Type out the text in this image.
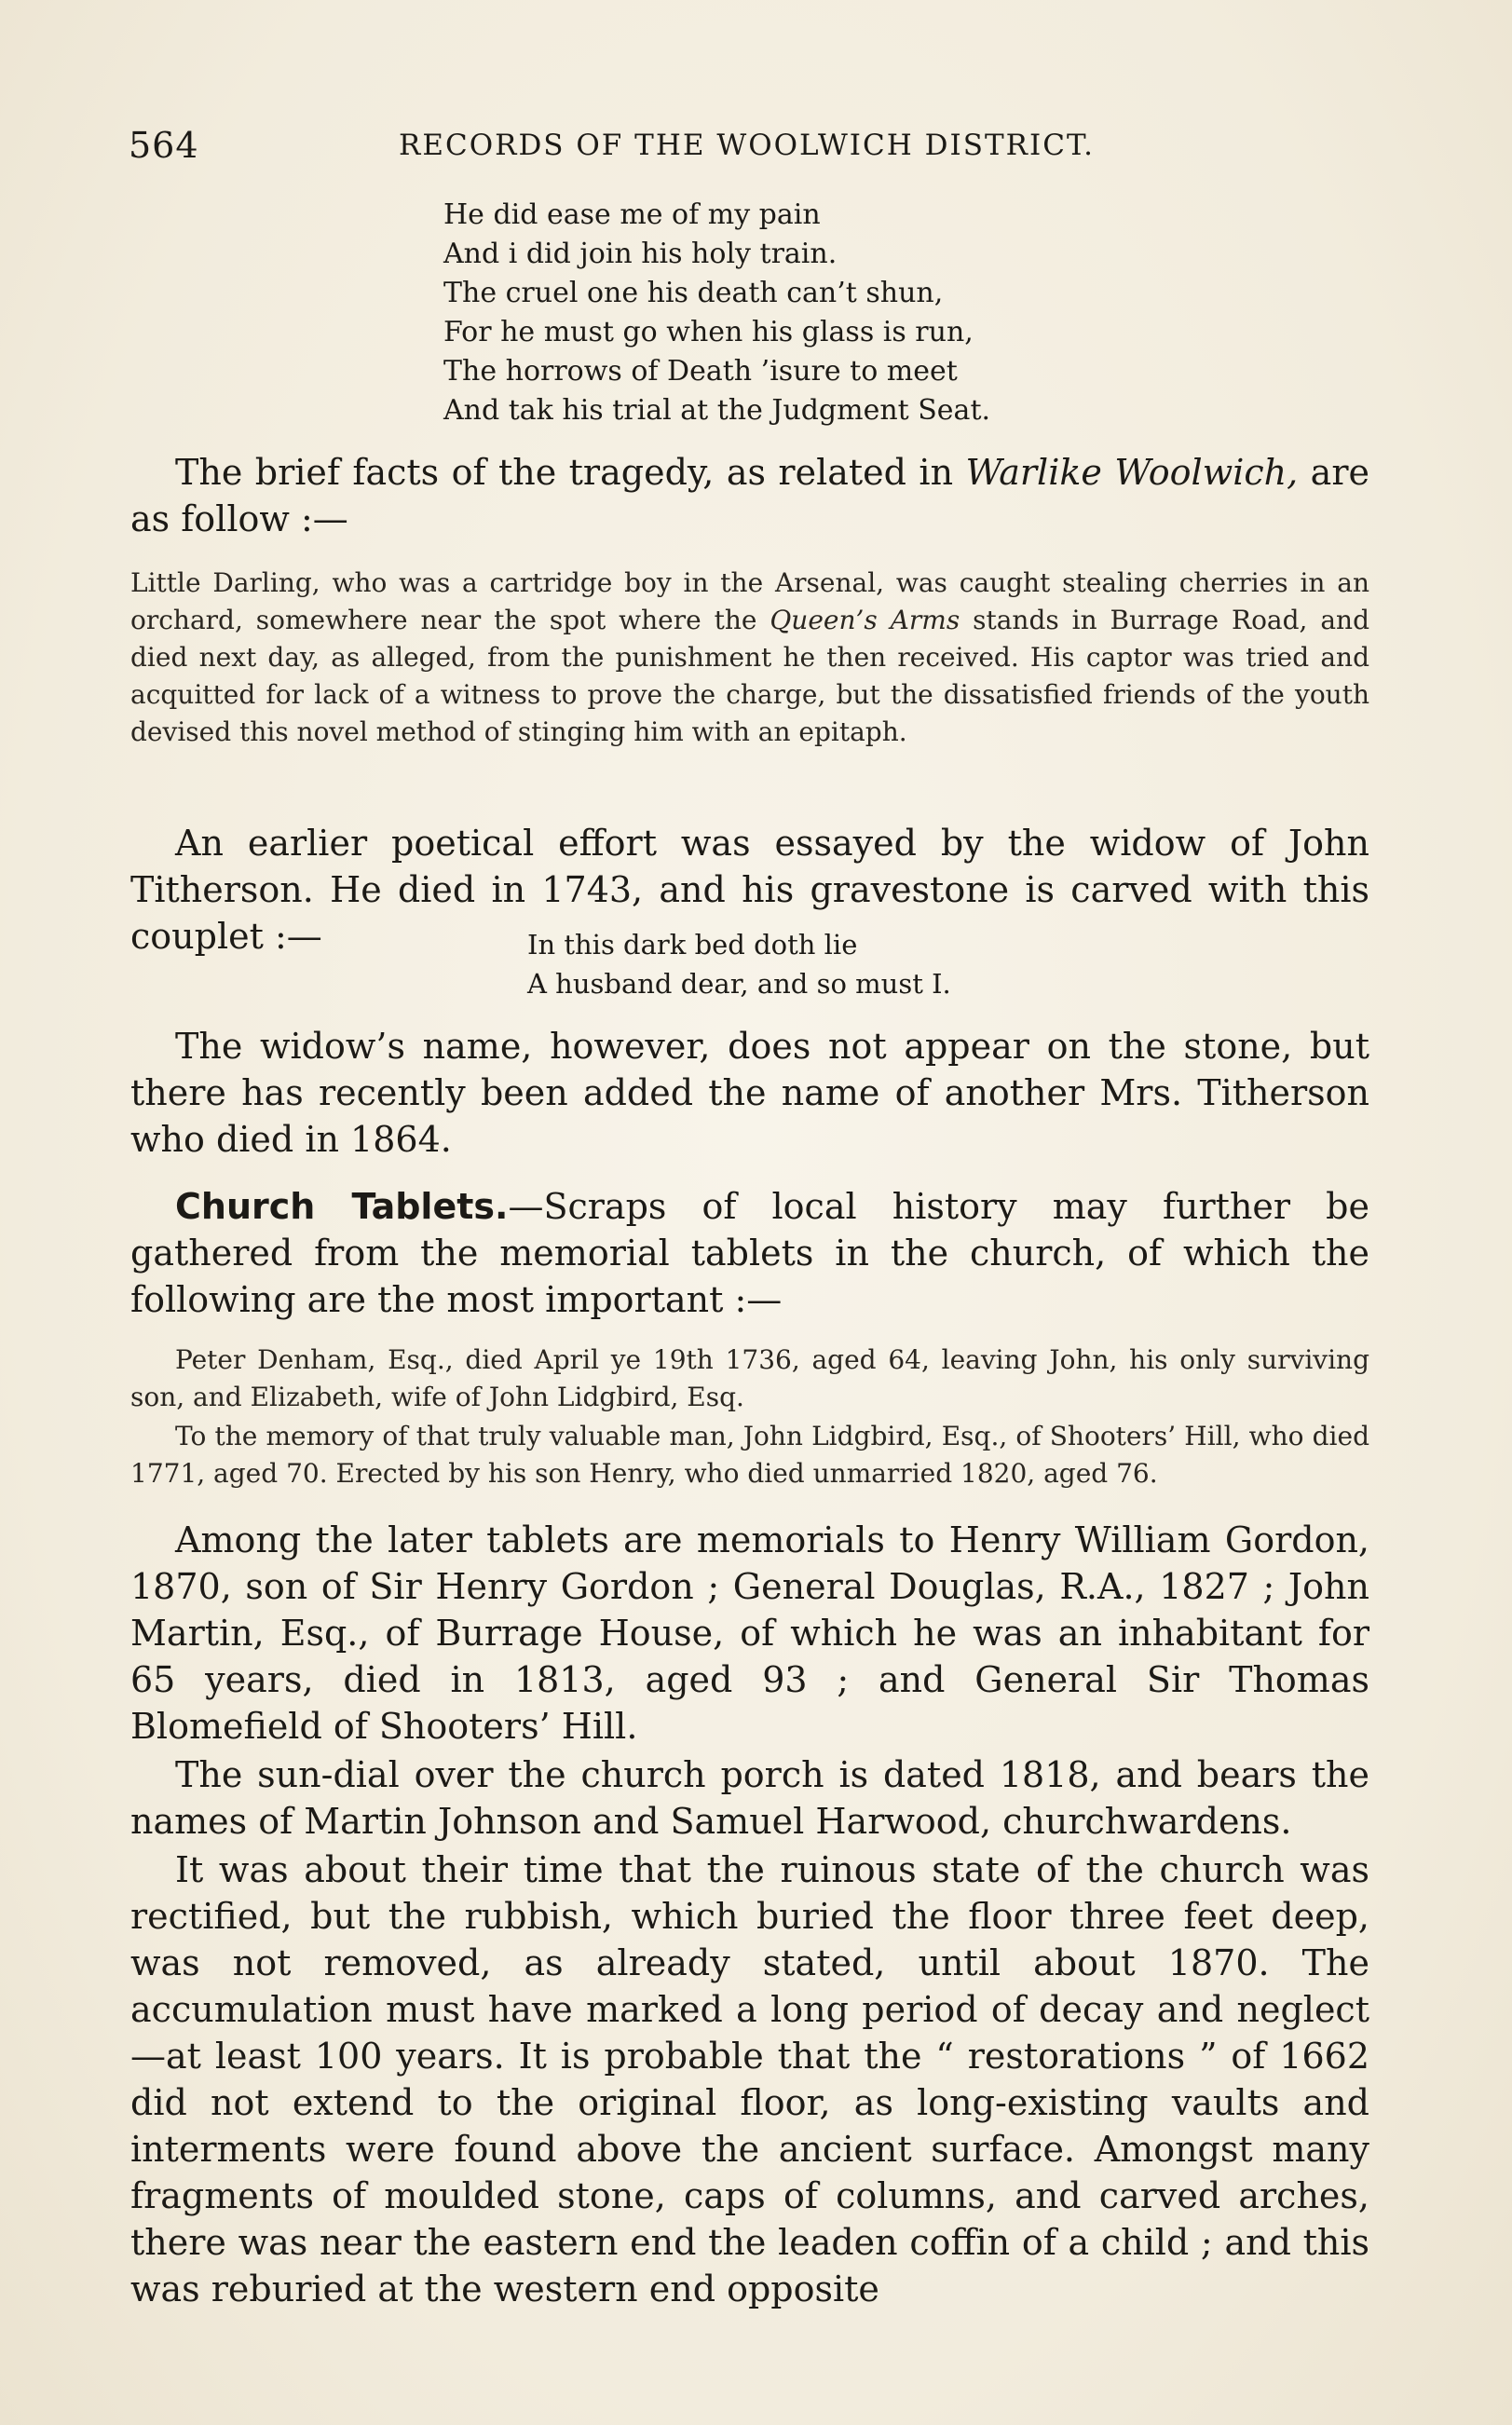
564	RECORDS OF THE WOOLWICH DISTRICT.
He did ease me of my pain
And i did join his holy train.
The cruel one his death can’t shun,
For he must go when his glass is run,
The horrows of Death ’isure to meet
And tak his trial at the Judgment Seat.

The brief facts of the tragedy, as related in Warlike Woolwich, are as follow :—

Little Darling, who was a cartridge boy in the Arsenal, was caught stealing cherries in an orchard, somewhere near the spot where the Queen’s Arms stands in Burrage Road, and died next day, as alleged, from the punishment he then received. His captor was tried and acquitted for lack of a witness to prove the charge, but the dissatisfied friends of the youth devised this novel method of stinging him with an epitaph.

An earlier poetical effort was essayed by the widow of John Titherson. He died in 1743, and his gravestone is carved with this couplet :—	In this dark bed doth lie
A husband dear, and so must I.

The widow’s name, however, does not appear on the stone, but there has recently been added the name of another Mrs. Titherson who died in 1864.

Church Tablets.—Scraps of local history may further be gathered from the memorial tablets in the church, of which the following are the most important :—

Peter Denham, Esq., died April ye 19th 1736, aged 64, leaving John, his only surviving son, and Elizabeth, wife of John Lidgbird, Esq.

To the memory of that truly valuable man, John Lidgbird, Esq., of Shooters’ Hill, who died 1771, aged 70. Erected by his son Henry, who died unmarried 1820, aged 76.

Among the later tablets are memorials to Henry William Gordon, 1870, son of Sir Henry Gordon ; General Douglas, R.A., 1827 ; John Martin, Esq., of Burrage House, of which he was an inhabitant for 65 years, died in 1813, aged 93 ; and General Sir Thomas Blomefield of Shooters’ Hill.

The sun-dial over the church porch is dated 1818, and bears the names of Martin Johnson and Samuel Harwood, churchwardens.

It was about their time that the ruinous state of the church was rectified, but the rubbish, which buried the floor three feet deep, was not removed, as already stated, until about 1870. The accumulation must have marked a long period of decay and neglect—at least 100 years. It is probable that the “ restorations ” of 1662 did not extend to the original floor, as long-existing vaults and interments were found above the ancient surface. Amongst many fragments of moulded stone, caps of columns, and carved arches, there was near the eastern end the leaden coffin of a child ; and this was reburied at the western end opposite
